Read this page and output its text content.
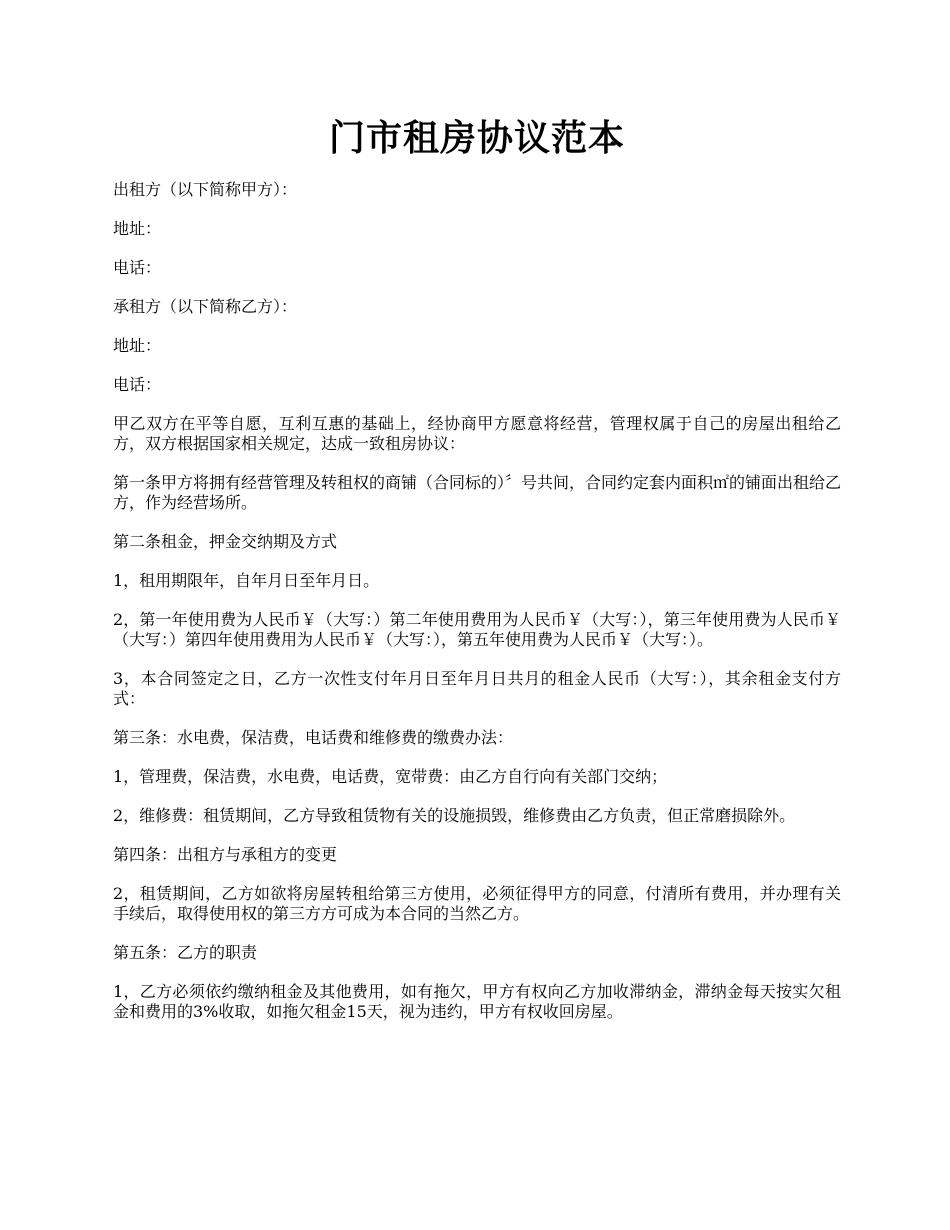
门市租房协议范本

出租方（以下简称甲方）：

地址：

电话：

承租方（以下简称乙方）：

地址：

电话：

甲乙双方在平等自愿，互利互惠的基础上，经协商甲方愿意将经营，管理权属于自己的房屋出租给乙方，双方根据国家相关规定，达成一致租房协议：

第一条甲方将拥有经营管理及转租权的商铺（合同标的）〞号共间，合同约定套内面积㎡的铺面出租给乙方，作为经营场所。

第二条租金，押金交纳期及方式

1，租用期限年，自年月日至年月日。

2，第一年使用费为人民币￥（大写：）第二年使用费用为人民币￥（大写：），第三年使用费为人民币￥（大写：）第四年使用费用为人民币￥（大写：），第五年使用费为人民币￥（大写：）。

3，本合同签定之日，乙方一次性支付年月日至年月日共月的租金人民币（大写：），其余租金支付方式：

第三条：水电费，保洁费，电话费和维修费的缴费办法：

1，管理费，保洁费，水电费，电话费，宽带费：由乙方自行向有关部门交纳；

2，维修费：租赁期间，乙方导致租赁物有关的设施损毁，维修费由乙方负责，但正常磨损除外。

第四条：出租方与承租方的变更

2，租赁期间，乙方如欲将房屋转租给第三方使用，必须征得甲方的同意，付清所有费用，并办理有关手续后，取得使用权的第三方方可成为本合同的当然乙方。

第五条：乙方的职责

1，乙方必须依约缴纳租金及其他费用，如有拖欠，甲方有权向乙方加收滞纳金，滞纳金每天按实欠租金和费用的3%收取，如拖欠租金15天，视为违约，甲方有权收回房屋。
